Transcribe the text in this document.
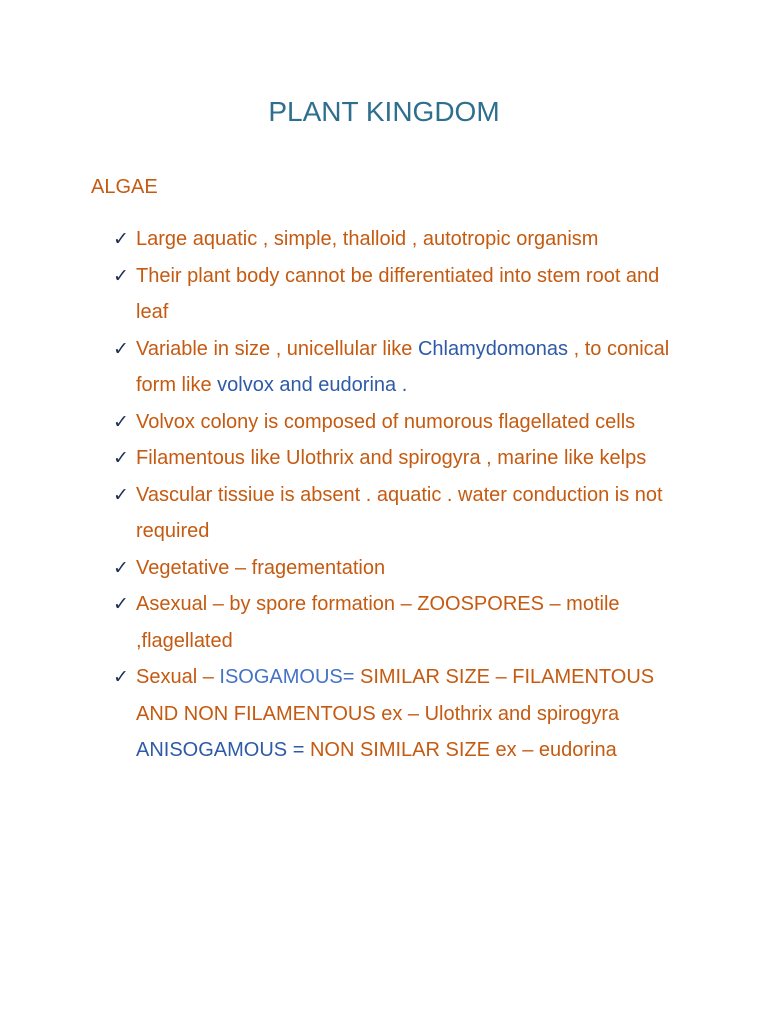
PLANT KINGDOM
ALGAE
✓ Large aquatic , simple, thalloid , autotropic organism
✓ Their plant body cannot be differentiated into stem root and leaf
✓ Variable in size , unicellular like Chlamydomonas , to conical form like volvox and eudorina .
✓ Volvox colony is composed of numorous flagellated cells
✓ Filamentous like Ulothrix and spirogyra , marine like kelps
✓ Vascular tissiue is absent . aquatic . water conduction is not required
✓ Vegetative – fragementation
✓ Asexual – by spore formation – ZOOSPORES – motile ,flagellated
✓ Sexual – ISOGAMOUS= SIMILAR SIZE – FILAMENTOUS AND NON FILAMENTOUS ex – Ulothrix and spirogyra
ANISOGAMOUS = NON SIMILAR SIZE ex – eudorina
